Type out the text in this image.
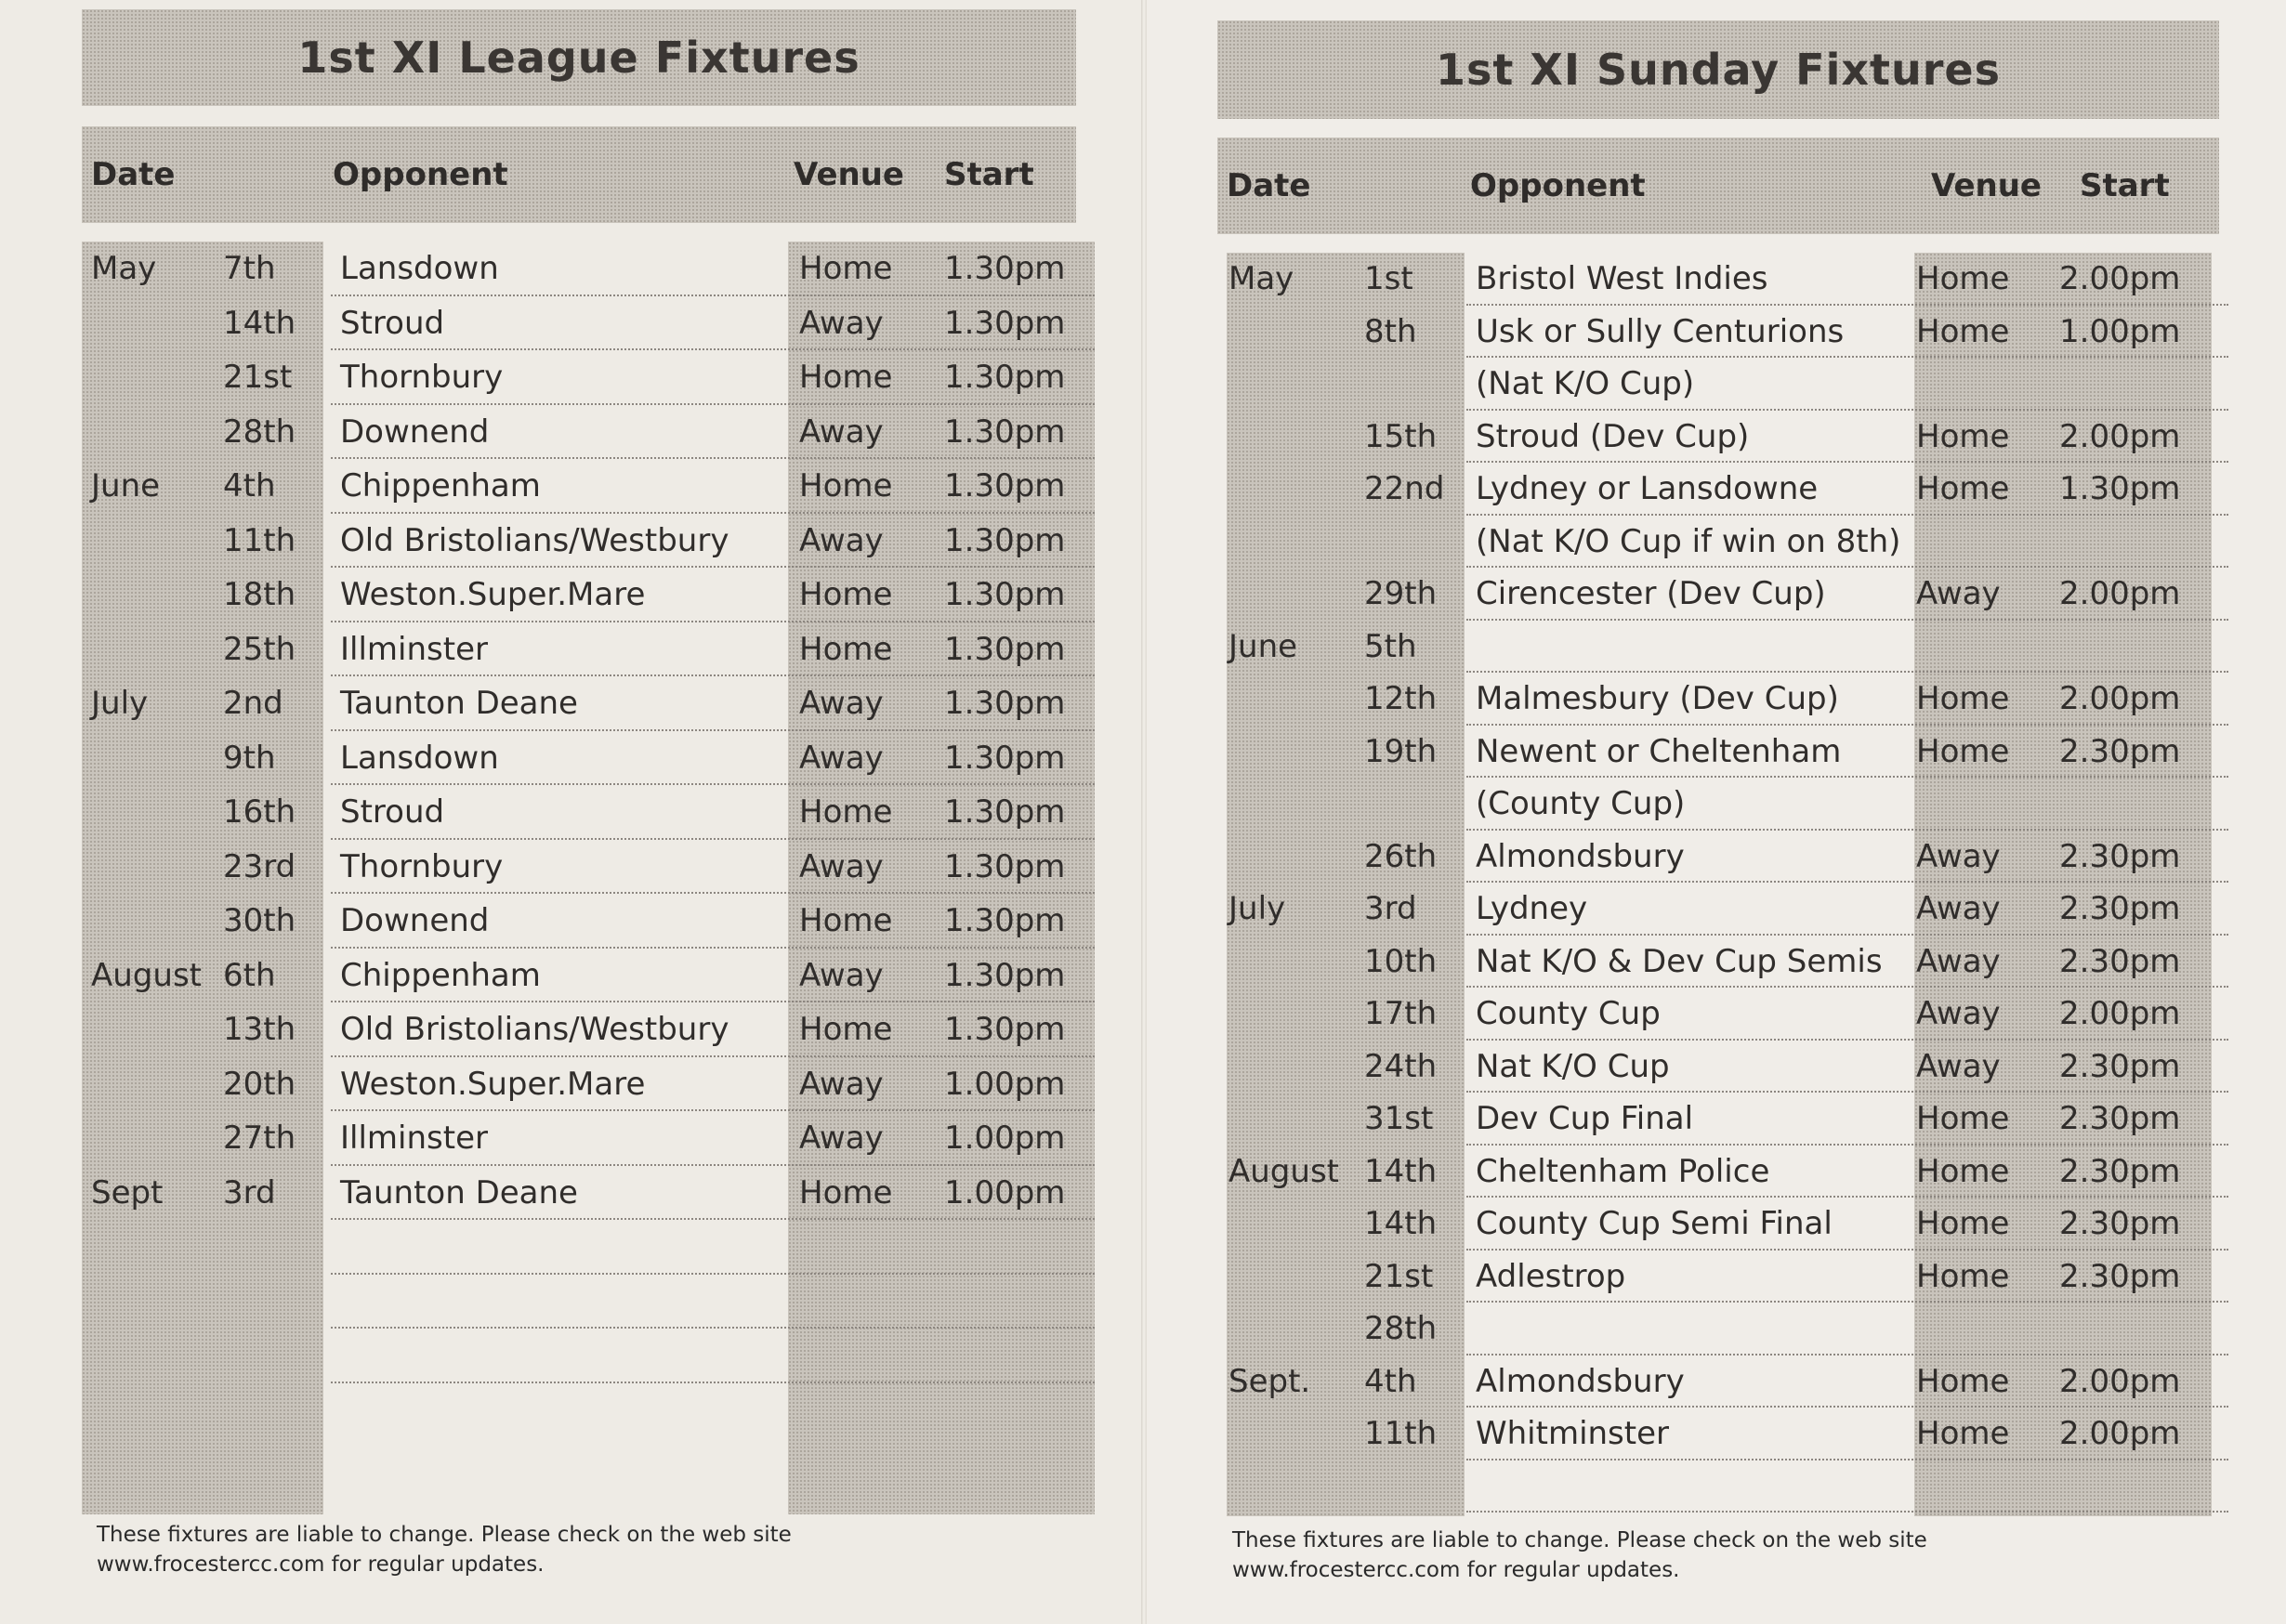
1st XI League Fixtures
Date	Opponent	Venue Start
May 7th Lansdown	Home 1.30pm
14th Stroud	Away 1.30pm
21st Thornbury	Home 1.30pm
28th Downend	Away 1.30pm
June 4th Chippenham	Home 1.30pm
11th Old Bristolians/Westbury Away 1.30pm
18th Weston.Super.Mare	Home 1.30pm
25th Illminster	Home 1.30pm
July 2nd Taunton Deane	Away 1.30pm
9th Lansdown	Away 1.30pm
16th Stroud	Home 1.30pm
23rd Thornbury	Away 1.30pm
30th Downend	Home 1.30pm
August 6th Chippenham	Away 1.30pm
13th Old Bristolians/Westbury Home 1.30pm
20th Weston.Super.Mare	Away 1.00pm
27th Illminster	Away 1.00pm
Sept 3rd Taunton Deane	Home 1.00pm
These fixtures are liable to change. Please check on the web site
www.frocestercc.com for regular updates.
1st XI Sunday Fixtures
Date	Opponent	Venue Start
May 1st Bristol West Indies	Home 2.00pm
8th Usk or Sully Centurions Home 1.00pm
(Nat K/O Cup)
15th Stroud (Dev Cup)	Home 2.00pm
22nd Lydney or Lansdowne	Home 1.30pm
(Nat K/O Cup if win on 8th)
29th Cirencester (Dev Cup)	Away 2.00pm
June 5th
12th Malmesbury (Dev Cup) Home 2.00pm
19th Newent or Cheltenham Home 2.30pm
(County Cup)
26th Almondsbury	Away 2.30pm
July 3rd Lydney	Away 2.30pm
10th Nat K/O & Dev Cup Semis Away 2.30pm
17th County Cup	Away 2.00pm
24th Nat K/O Cup	Away 2.30pm
31st Dev Cup Final	Home 2.30pm
August 14th Cheltenham Police	Home 2.30pm
14th County Cup Semi Final	Home 2.30pm
21st Adlestrop	Home 2.30pm
28th
Sept. 4th Almondsbury	Home 2.00pm
11th Whitminster	Home 2.00pm
These fixtures are liable to change. Please check on the web site
www.frocestercc.com for regular updates.
